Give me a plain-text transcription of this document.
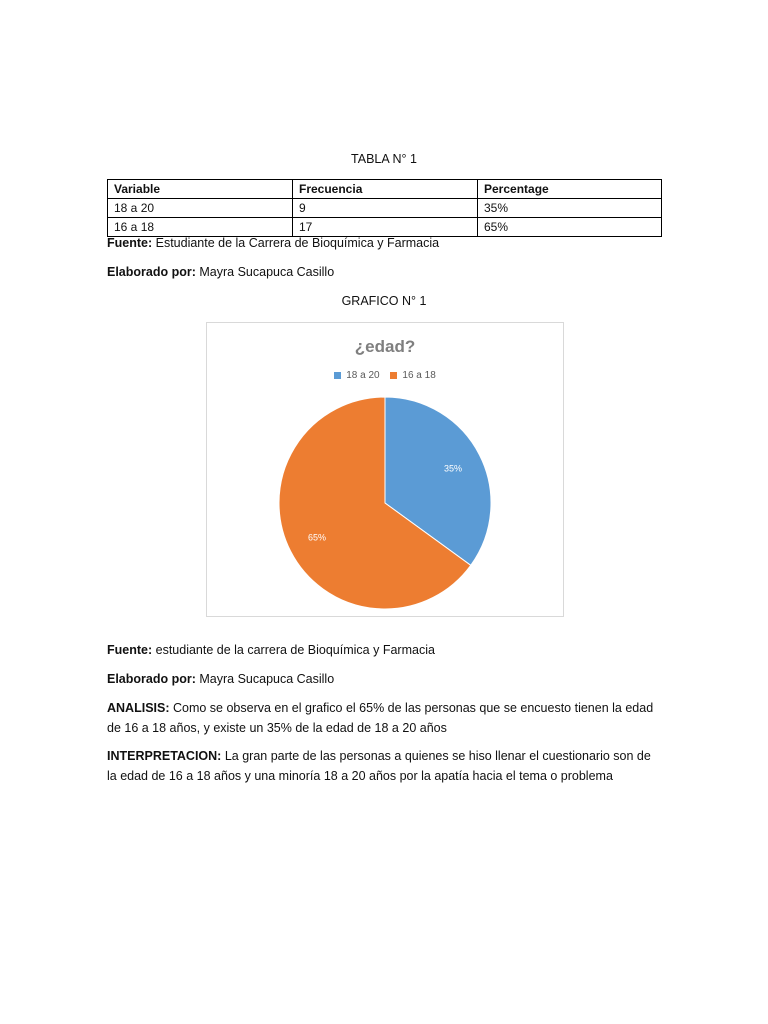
TABLA N° 1
Variable	Frecuencia	Percentage
18 a 20	9	35%
16 a 18	17	65%
Fuente: Estudiante de la Carrera de Bioquímica y Farmacia
Elaborado por: Mayra Sucapuca Casillo
GRAFICO N° 1
¿edad?
18 a 20
16 a 18
35%
65%
Fuente: estudiante de la carrera de Bioquímica y Farmacia
Elaborado por: Mayra Sucapuca Casillo
ANALISIS: Como se observa en el grafico el 65% de las personas que se encuesto tienen la edad de 16 a 18 años, y existe un 35% de la edad de 18 a 20 años
INTERPRETACION: La gran parte de las personas a quienes se hiso llenar el cuestionario son de la edad de 16 a 18 años y una minoría 18 a 20 años por la apatía hacia el tema o problema
